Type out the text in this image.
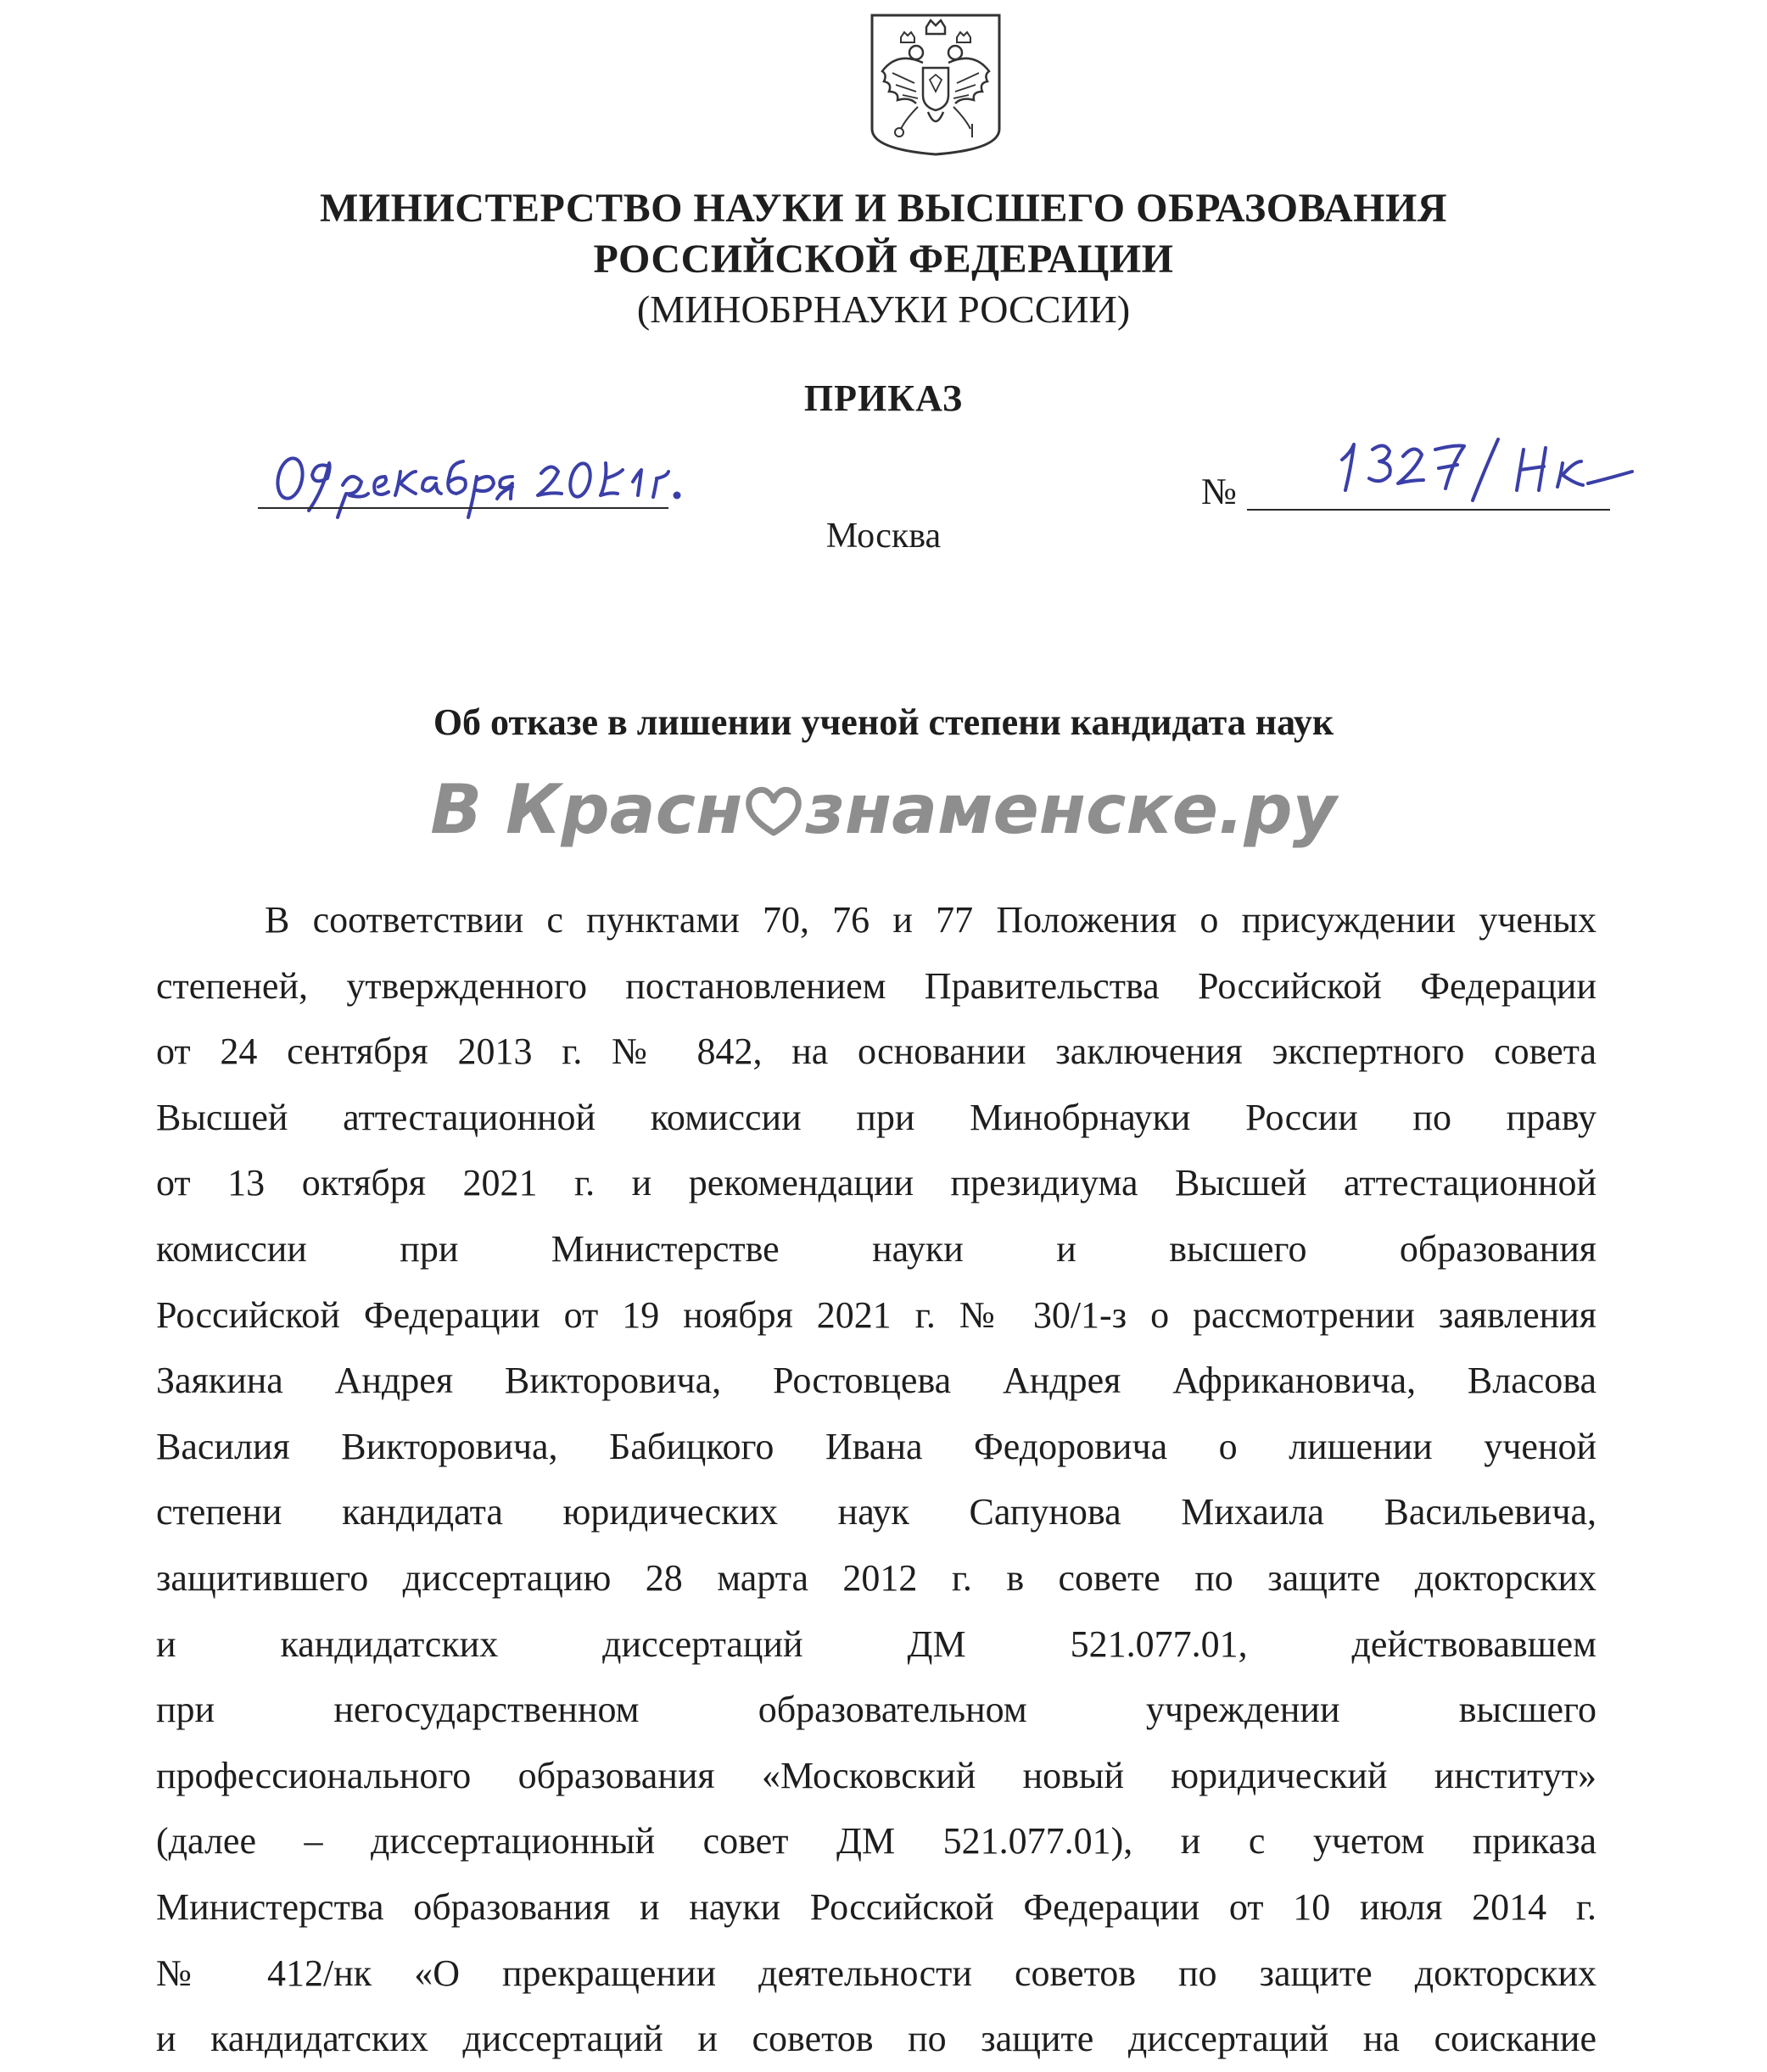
МИНИСТЕРСТВО НАУКИ И ВЫСШЕГО ОБРАЗОВАНИЯ
РОССИЙСКОЙ ФЕДЕРАЦИИ
(МИНОБРНАУКИ РОССИИ)
ПРИКАЗ
№
Москва
Об отказе в лишении ученой степени кандидата наук
В Красн знаменске.ру
В соответствии с пунктами 70, 76 и 77 Положения о присуждении ученых
степеней, утвержденного постановлением Правительства Российской Федерации
от 24 сентября 2013 г. № 842, на основании заключения экспертного совета
Высшей аттестационной комиссии при Минобрнауки России по праву
от 13 октября 2021 г. и рекомендации президиума Высшей аттестационной
комиссии при Министерстве науки и высшего образования
Российской Федерации от 19 ноября 2021 г. № 30/1-з о рассмотрении заявления
Заякина Андрея Викторовича, Ростовцева Андрея Африкановича, Власова
Василия Викторовича, Бабицкого Ивана Федоровича о лишении ученой
степени кандидата юридических наук Сапунова Михаила Васильевича,
защитившего диссертацию 28 марта 2012 г. в совете по защите докторских
и кандидатских диссертаций ДМ 521.077.01, действовавшем
при негосударственном образовательном учреждении высшего
профессионального образования «Московский новый юридический институт»
(далее – диссертационный совет ДМ 521.077.01), и с учетом приказа
Министерства образования и науки Российской Федерации от 10 июля 2014 г.
№ 412/нк «О прекращении деятельности советов по защите докторских
и кандидатских диссертаций и советов по защите диссертаций на соискание
